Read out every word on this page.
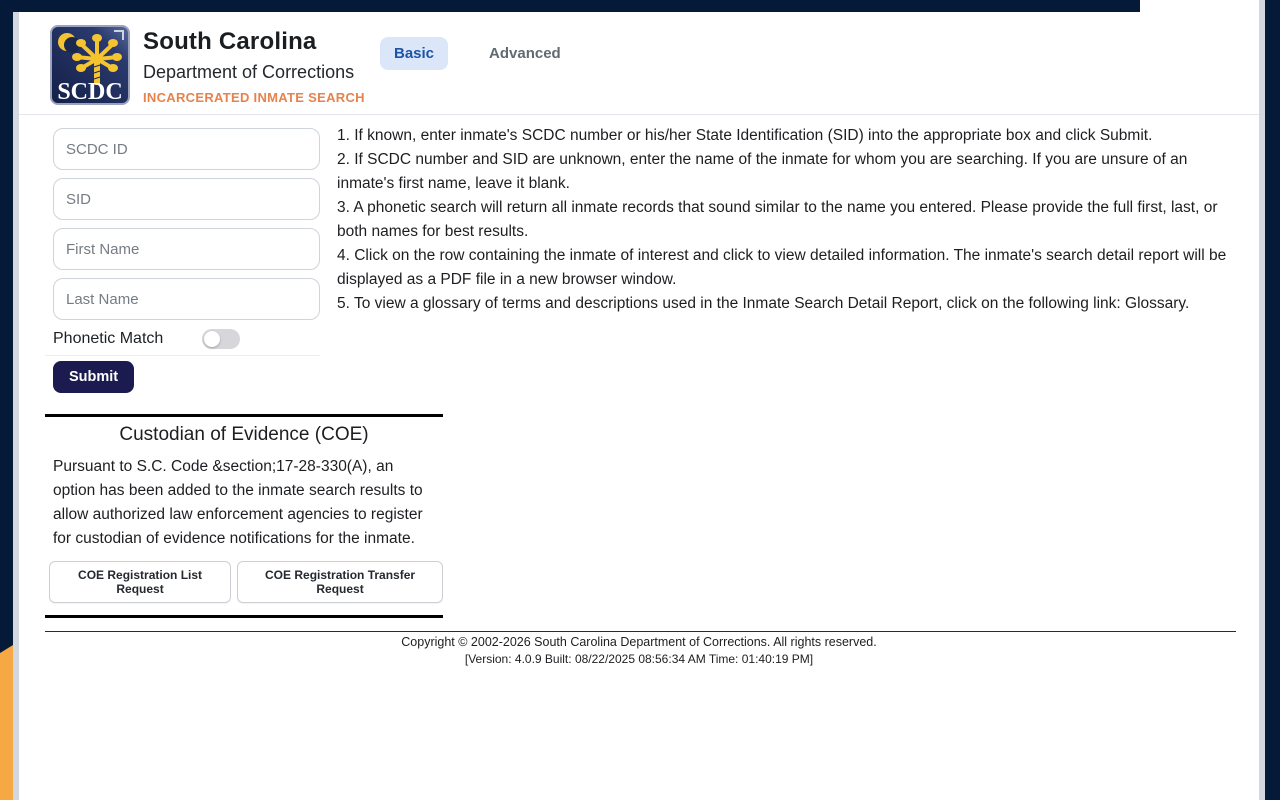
SCDC
South Carolina
Department of Corrections
INCARCERATED INMATE SEARCH
Basic	Advanced
SCDC ID
SID
First Name
Last Name
Phonetic Match
Submit

1. If known, enter inmate's SCDC number or his/her State Identification (SID) into the appropriate box and click Submit.

2. If SCDC number and SID are unknown, enter the name of the inmate for whom you are searching. If you are unsure of an inmate's first name, leave it blank.

3. A phonetic search will return all inmate records that sound similar to the name you entered. Please provide the full first, last, or both names for best results.

4. Click on the row containing the inmate of interest and click to view detailed information. The inmate's search detail report will be displayed as a PDF file in a new browser window.

5. To view a glossary of terms and descriptions used in the Inmate Search Detail Report, click on the following link: Glossary.

Custodian of Evidence (COE)
Pursuant to S.C. Code &section;17-28-330(A), an option has been added to the inmate search results to allow authorized law enforcement agencies to register for custodian of evidence notifications for the inmate.
COE Registration List Request
COE Registration Transfer Request
Copyright © 2002-2026 South Carolina Department of Corrections. All rights reserved.
[Version: 4.0.9 Built: 08/22/2025 08:56:34 AM Time: 01:40:19 PM]
